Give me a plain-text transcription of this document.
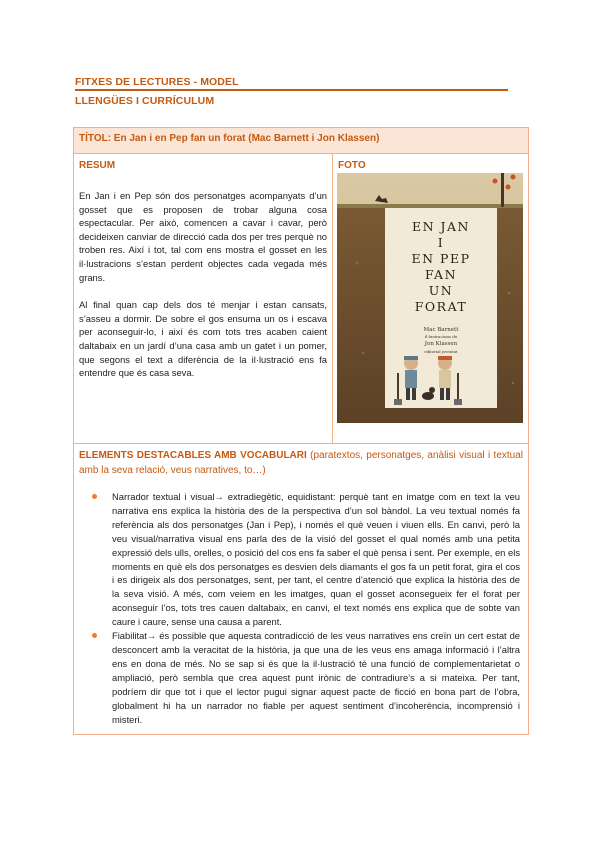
FITXES DE LECTURES - MODEL
LLENGÜES I CURRÍCULUM
TÍTOL: En Jan i en Pep fan un forat (Mac Barnett i Jon Klassen)

RESUM

En Jan i en Pep són dos personatges acompanyats d’un gosset que es proposen de trobar alguna cosa espectacular. Per això, comencen a cavar i cavar, però decideixen canviar de direcció cada dos per tres perquè no troben res. Així i tot, tal com ens mostra el gosset en les il·lustracions s’estan perdent objectes cada vegada més grans.

Al final quan cap dels dos té menjar i estan cansats, s’asseu a dormir. De sobre el gos ensuma un os i escava per aconseguir-lo, i així és com tots tres acaben caient daltabaix en un jardí d’una casa amb un gatet i un pomer, que segons el text a diferència de la il·lustració ens fa entendre que és casa seva.

FOTO
EN JAN
I
EN PEP
FAN
UN
FORAT
Mac Barnett
il·lustracions de
Jon Klassen
editorial joventut

ELEMENTS DESTACABLES AMB VOCABULARI (paratextos, personatges, anàlisi visual i textual amb la seva relació, veus narratives, to…)
Narrador textual i visual→ extradiegètic, equidistant: perquè tant en imatge com en text la veu narrativa ens explica la història des de la perspectiva d’un sol bàndol. La veu textual només fa referència als dos personatges (Jan i Pep), i només el què veuen i viuen ells. En canvi, però la veu visual/narrativa visual ens parla des de la visió del gosset el qual només amb una petita expressió dels ulls, orelles, o posició del cos ens fa saber el què pensa i sent. Per exemple, en els moments en què els dos personatges es desvien dels diamants el gos fa un petit forat, gira el cos i es dirigeix als dos personatges, sent, per tant, el centre d’atenció que explica la història des de la seva visió. A més, com veiem en les imatges, quan el gosset aconsegueix fer el forat per aconseguir l’os, tots tres cauen daltabaix, en canvi, el text només ens explica que de sobte van caure i caure, sense una causa a parent.
Fiabilitat→ és possible que aquesta contradicció de les veus narratives ens creïn un cert estat de desconcert amb la veracitat de la història, ja que una de les veus ens amaga informació i l’altra ens en dona de més. No se sap si és que la il·lustració té una funció de complementarietat o ampliació, però sembla que crea aquest punt irònic de contradiure’s a si mateixa. Per tant, podríem dir que tot i que el lector pugui signar aquest pacte de ficció en bona part de l’obra, globalment hi ha un narrador no fiable per aquest sentiment d’incoherència, incomprensió i misteri.
